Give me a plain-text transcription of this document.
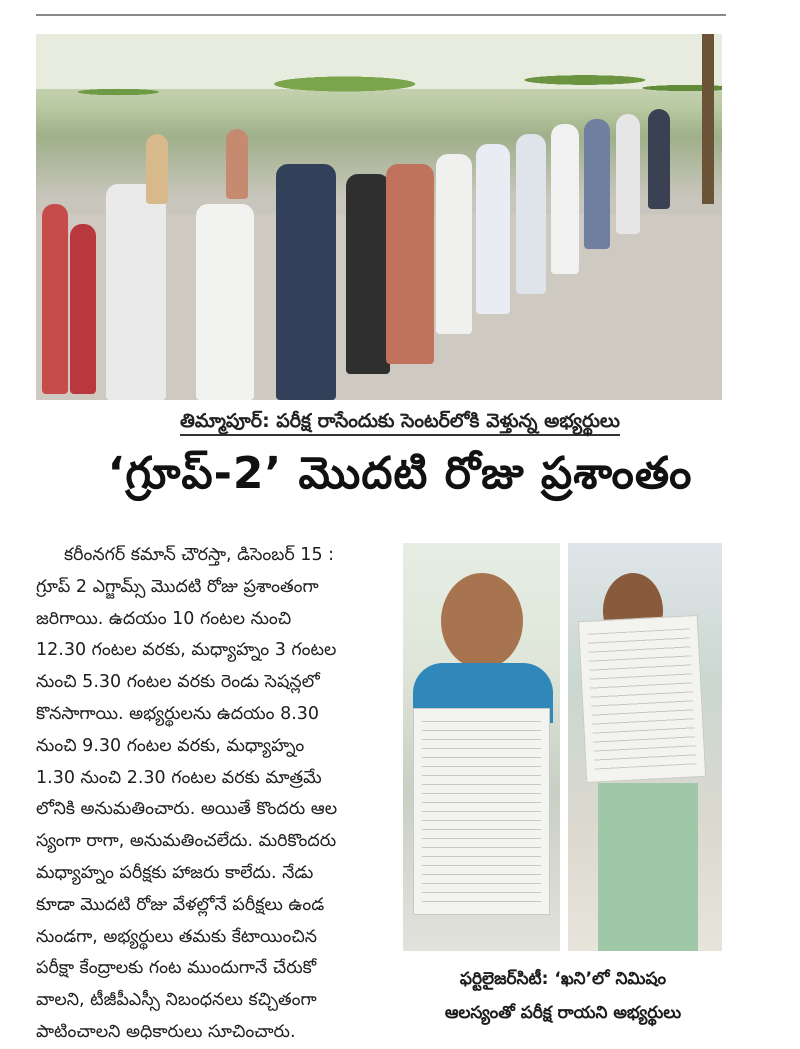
తిమ్మాపూర్‌: పరీక్ష రాసేందుకు సెంటర్‌లోకి వెళ్తున్న అభ్యర్థులు
‘గ్రూప్‌-2’ మొదటి రోజు ప్రశాంతం
కరీంనగర్‌ కమాన్‌ చౌరస్తా, డిసెంబర్‌ 15 :
గ్రూప్‌ 2 ఎగ్జామ్స్‌ మొదటి రోజు ప్రశాంతంగా
జరిగాయి. ఉదయం 10 గంటల నుంచి
12.30 గంటల వరకు, మధ్యాహ్నం 3 గంటల
నుంచి 5.30 గంటల వరకు రెండు సెషన్లలో
కొనసాగాయి. అభ్యర్థులను ఉదయం 8.30
నుంచి 9.30 గంటల వరకు, మధ్యాహ్నం
1.30 నుంచి 2.30 గంటల వరకు మాత్రమే
లోనికి అనుమతించారు. అయితే కొందరు ఆల
స్యంగా రాగా, అనుమతించలేదు. మరికొందరు
మధ్యాహ్నం పరీక్షకు హాజరు కాలేదు. నేడు
కూడా మొదటి రోజు వేళల్లోనే పరీక్షలు ఉండ
నుండగా, అభ్యర్థులు తమకు కేటాయించిన
పరీక్షా కేంద్రాలకు గంట ముందుగానే చేరుకో
వాలని, టీజీపీఎస్సీ నిబంధనలు కచ్చితంగా
పాటించాలని అధికారులు సూచించారు.
ఫర్టిలైజర్‌సిటీ: ‘ఖని’లో నిమిషం
ఆలస్యంతో పరీక్ష రాయని అభ్యర్థులు
